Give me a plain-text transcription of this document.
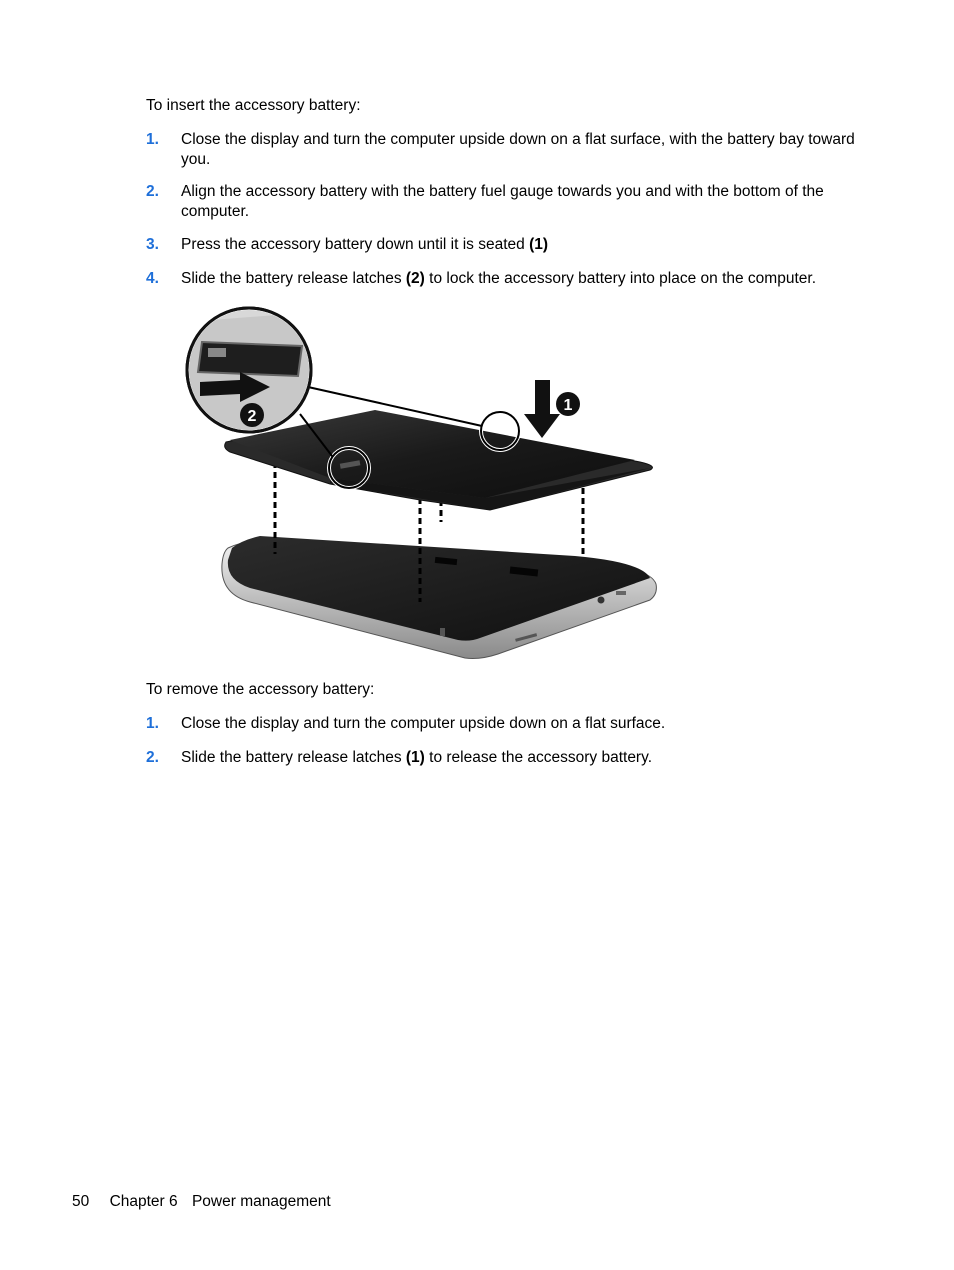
To insert the accessory battery:

1. Close the display and turn the computer upside down on a flat surface, with the battery bay toward you.
2. Align the accessory battery with the battery fuel gauge towards you and with the bottom of the computer.
3. Press the accessory battery down until it is seated (1)
4. Slide the battery release latches (2) to lock the accessory battery into place on the computer.
1
2

To remove the accessory battery:

1. Close the display and turn the computer upside down on a flat surface.
2. Slide the battery release latches (1) to release the accessory battery.
50 Chapter 6 Power management
